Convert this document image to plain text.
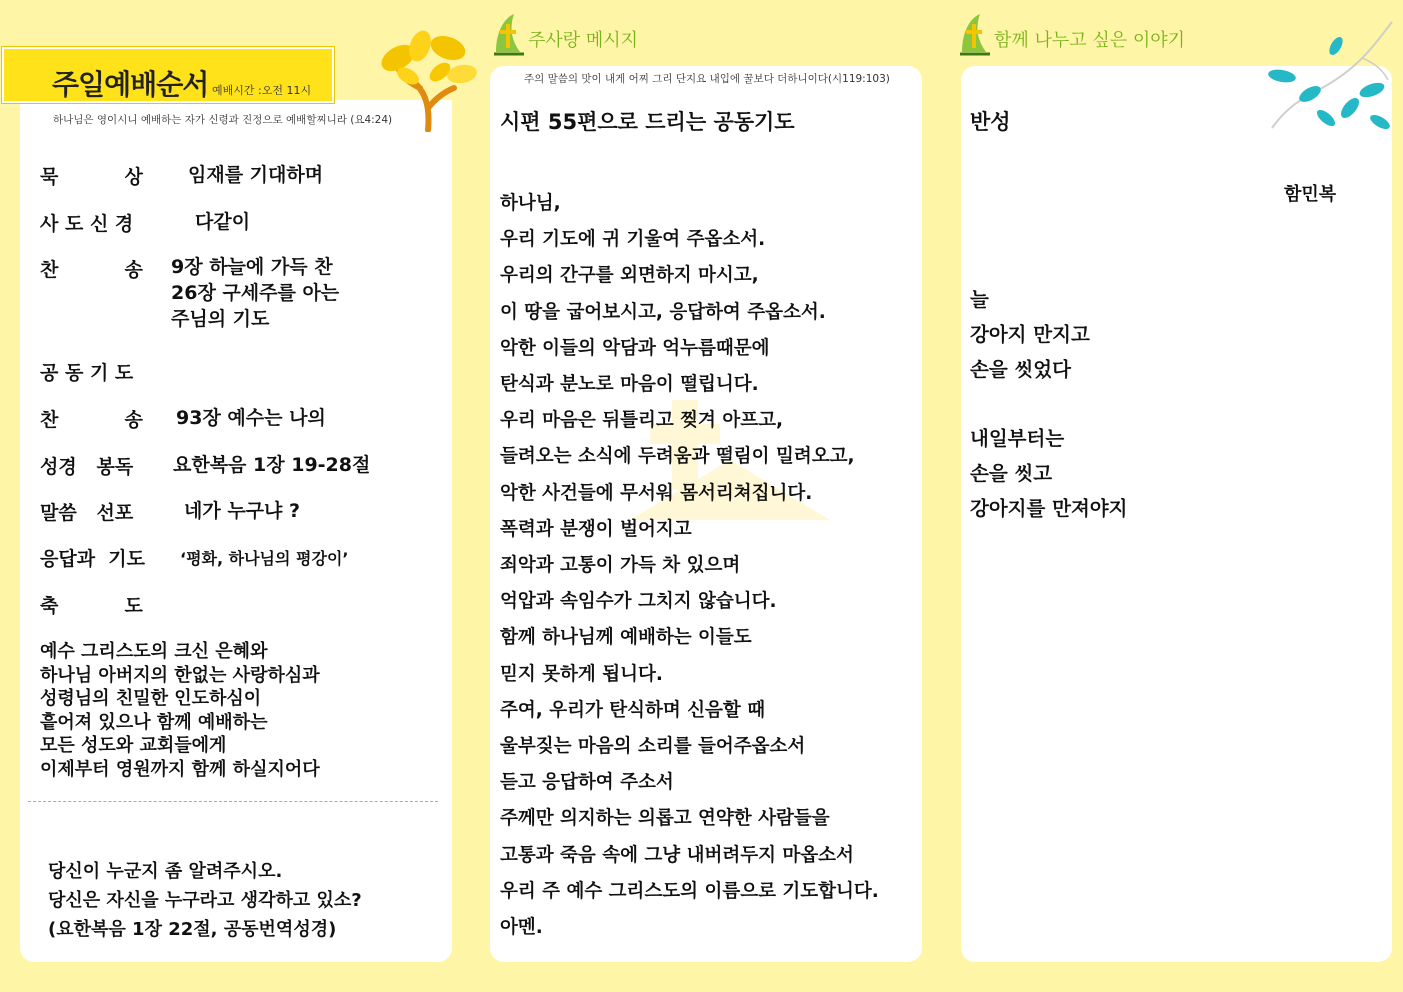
주일예배순서 예배시간 :오전 11시
하나님은 영이시니 예배하는 자가 신령과 진정으로 예배할찌니라 (요4:24)
주사랑 메시지
주의 말씀의 맛이 내게 어찌 그리 단지요 내입에 꿀보다 더하니이다(시119:103)
함께 나누고 싶은 이야기
묵          상 임재를 기대하며
사 도 신 경	다같이
찬          송 9장 하늘에 가득 찬
26장 구세주를 아는
주님의 기도
공 동 기 도
찬          송 93장 예수는 나의
성경   봉독 요한복음 1장 19-28절
말씀   선포	네가 누구냐 ?
응답과  기도 ‘평화, 하나님의 평강이’
축          도
예수 그리스도의 크신 은혜와
하나님 아버지의 한없는 사랑하심과
성령님의 친밀한 인도하심이
흩어져 있으나 함께 예배하는
모든 성도와 교회들에게
이제부터 영원까지 함께 하실지어다
당신이 누군지 좀 알려주시오.
당신은 자신을 누구라고 생각하고 있소?
(요한복음 1장 22절, 공동번역성경)
시편 55편으로 드리는 공동기도
하나님,
우리 기도에 귀 기울여 주옵소서.
우리의 간구를 외면하지 마시고,
이 땅을 굽어보시고, 응답하여 주옵소서.
악한 이들의 악담과 억누름때문에
탄식과 분노로 마음이 떨립니다.
우리 마음은 뒤틀리고 찢겨 아프고,
들려오는 소식에 두려움과 떨림이 밀려오고,
악한 사건들에 무서워 몸서리쳐집니다.
폭력과 분쟁이 벌어지고
죄악과 고통이 가득 차 있으며
억압과 속임수가 그치지 않습니다.
함께 하나님께 예배하는 이들도
믿지 못하게 됩니다.
주여, 우리가 탄식하며 신음할 때
울부짖는 마음의 소리를 들어주옵소서
듣고 응답하여 주소서
주께만 의지하는 의롭고 연약한 사람들을
고통과 죽음 속에 그냥 내버려두지 마옵소서
우리 주 예수 그리스도의 이름으로 기도합니다.
아멘.
반성
함민복
늘
강아지 만지고
손을 씻었다
내일부터는
손을 씻고
강아지를 만져야지
